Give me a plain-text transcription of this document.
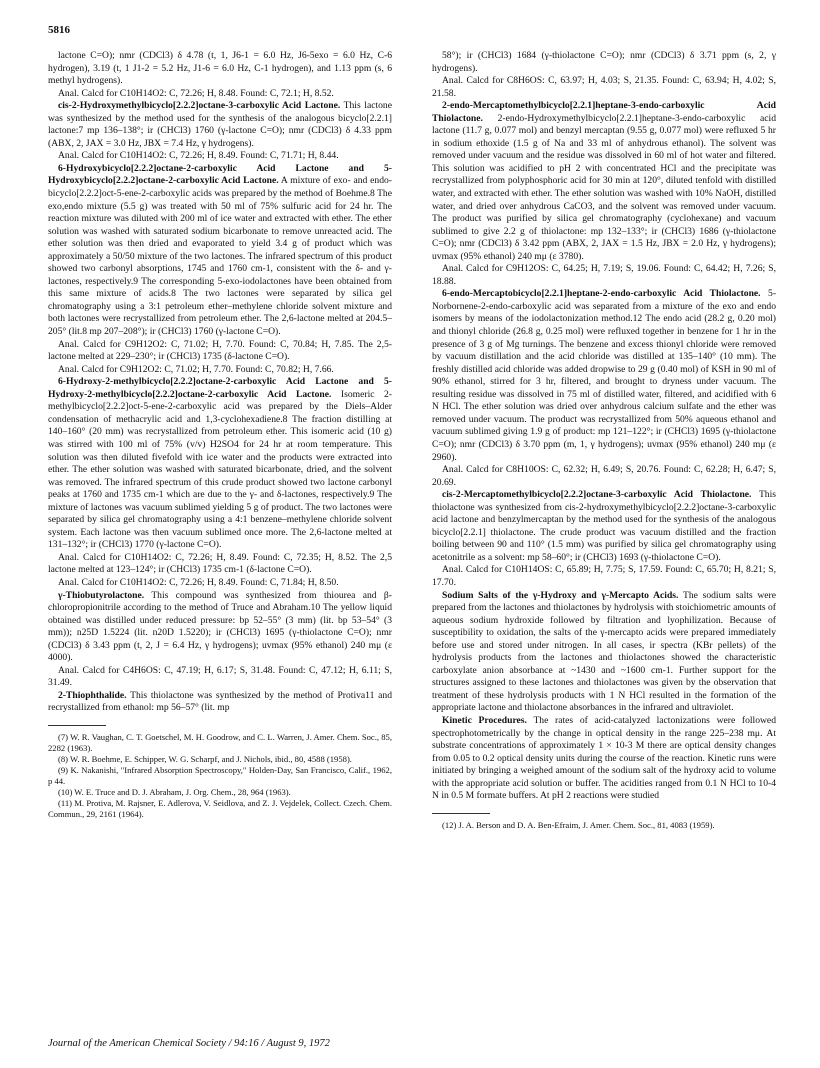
5816

lactone C=O); nmr (CDCl3) δ 4.78 (t, 1, J6-1 = 6.0 Hz, J6-5exo = 6.0 Hz, C-6 hydrogen), 3.19 (t, 1 J1-2 = 5.2 Hz, J1-6 = 6.0 Hz, C-1 hydrogen), and 1.13 ppm (s, 6 methyl hydrogens).

Anal. Calcd for C10H14O2: C, 72.26; H, 8.48. Found: C, 72.1; H, 8.52.

cis-2-Hydroxymethylbicyclo[2.2.2]octane-3-carboxylic Acid Lactone. This lactone was synthesized by the method used for the synthesis of the analogous bicyclo[2.2.1] lactone:7 mp 136–138°; ir (CHCl3) 1760 (γ-lactone C=O); nmr (CDCl3) δ 4.33 ppm (ABX, 2, JAX = 3.0 Hz, JBX = 7.4 Hz, γ hydrogens).

Anal. Calcd for C10H14O2: C, 72.26; H, 8.49. Found: C, 71.71; H, 8.44.

6-Hydroxybicyclo[2.2.2]octane-2-carboxylic Acid Lactone and 5-Hydroxybicyclo[2.2.2]octane-2-carboxylic Acid Lactone. A mixture of exo- and endo-bicyclo[2.2.2]oct-5-ene-2-carboxylic acids was prepared by the method of Boehme.8 The exo,endo mixture (5.5 g) was treated with 50 ml of 75% sulfuric acid for 24 hr. The reaction mixture was diluted with 200 ml of ice water and extracted with ether. The ether solution was washed with saturated sodium bicarbonate to remove unreacted acid. The ether solution was then dried and evaporated to yield 3.4 g of product which was approximately a 50/50 mixture of the two lactones. The infrared spectrum of this product showed two carbonyl absorptions, 1745 and 1760 cm-1, consistent with the δ- and γ-lactones, respectively.9 The corresponding 5-exo-iodolactones have been obtained from this same mixture of acids.8 The two lactones were separated by silica gel chromatography using a 3:1 petroleum ether–methylene chloride solvent mixture and both lactones were recrystallized from petroleum ether. The 2,6-lactone melted at 204.5–205° (lit.8 mp 207–208°); ir (CHCl3) 1760 (γ-lactone C=O).

Anal. Calcd for C9H12O2: C, 71.02; H, 7.70. Found: C, 70.84; H, 7.85. The 2,5-lactone melted at 229–230°; ir (CHCl3) 1735 (δ-lactone C=O).

Anal. Calcd for C9H12O2: C, 71.02; H, 7.70. Found: C, 70.82; H, 7.66.

6-Hydroxy-2-methylbicyclo[2.2.2]octane-2-carboxylic Acid Lactone and 5-Hydroxy-2-methylbicyclo[2.2.2]octane-2-carboxylic Acid Lactone. Isomeric 2-methylbicyclo[2.2.2]oct-5-ene-2-carboxylic acid was prepared by the Diels–Alder condensation of methacrylic acid and 1,3-cyclohexadiene.8 The fraction distilling at 140–160° (20 mm) was recrystallized from petroleum ether. This isomeric acid (10 g) was stirred with 100 ml of 75% (v/v) H2SO4 for 24 hr at room temperature. This solution was then diluted fivefold with ice water and the products were extracted into ether. The ether solution was washed with saturated bicarbonate, dried, and the solvent was removed. The infrared spectrum of this crude product showed two lactone carbonyl peaks at 1760 and 1735 cm-1 which are due to the γ- and δ-lactones, respectively.9 The mixture of lactones was vacuum sublimed yielding 5 g of product. The two lactones were separated by silica gel chromatography using a 4:1 benzene–methylene chloride solvent system. Each lactone was then vacuum sublimed once more. The 2,6-lactone melted at 131–132°; ir (CHCl3) 1770 (γ-lactone C=O).

Anal. Calcd for C10H14O2: C, 72.26; H, 8.49. Found: C, 72.35; H, 8.52. The 2,5 lactone melted at 123–124°; ir (CHCl3) 1735 cm-1 (δ-lactone C=O).

Anal. Calcd for C10H14O2: C, 72.26; H, 8.49. Found: C, 71.84; H, 8.50.

γ-Thiobutyrolactone. This compound was synthesized from thiourea and β-chloropropionitrile according to the method of Truce and Abraham.10 The yellow liquid obtained was distilled under reduced pressure: bp 52–55° (3 mm) (lit. bp 53–54° (3 mm)); n25D 1.5224 (lit. n20D 1.5220); ir (CHCl3) 1695 (γ-thiolactone C=O); nmr (CDCl3) δ 3.43 ppm (t, 2, J = 6.4 Hz, γ hydrogens); uvmax (95% ethanol) 240 mμ (ε 4000).

Anal. Calcd for C4H6OS: C, 47.19; H, 6.17; S, 31.48. Found: C, 47.12; H, 6.11; S, 31.49.

2-Thiophthalide. This thiolactone was synthesized by the method of Protiva11 and recrystallized from ethanol: mp 56–57° (lit. mp

(7) W. R. Vaughan, C. T. Goetschel, M. H. Goodrow, and C. L. Warren, J. Amer. Chem. Soc., 85, 2282 (1963).

(8) W. R. Boehme, E. Schipper, W. G. Scharpf, and J. Nichols, ibid., 80, 4588 (1958).

(9) K. Nakanishi, "Infrared Absorption Spectroscopy," Holden-Day, San Francisco, Calif., 1962, p 44.

(10) W. E. Truce and D. J. Abraham, J. Org. Chem., 28, 964 (1963).

(11) M. Protiva, M. Rajsner, E. Adlerova, V. Seidlova, and Z. J. Vejdelek, Collect. Czech. Chem. Commun., 29, 2161 (1964).

58°); ir (CHCl3) 1684 (γ-thiolactone C=O); nmr (CDCl3) δ 3.71 ppm (s, 2, γ hydrogens).

Anal. Calcd for C8H6OS: C, 63.97; H, 4.03; S, 21.35. Found: C, 63.94; H, 4.02; S, 21.58.

2-endo-Mercaptomethylbicyclo[2.2.1]heptane-3-endo-carboxylic Acid Thiolactone. 2-endo-Hydroxymethylbicyclo[2.2.1]heptane-3-endo-carboxylic acid lactone (11.7 g, 0.077 mol) and benzyl mercaptan (9.55 g, 0.077 mol) were refluxed 5 hr in sodium ethoxide (1.5 g of Na and 33 ml of anhydrous ethanol). The solvent was removed under vacuum and the residue was dissolved in 60 ml of hot water and filtered. This solution was acidified to pH 2 with concentrated HCl and the precipitate was recrystallized from polyphosphoric acid for 30 min at 120°, diluted tenfold with distilled water, and extracted with ether. The ether solution was washed with 10% NaOH, distilled water, and dried over anhydrous CaCO3, and the solvent was removed under vacuum. The product was purified by silica gel chromatography (cyclohexane) and vacuum sublimed to give 2.2 g of thiolactone: mp 132–133°; ir (CHCl3) 1686 (γ-thiolactone C=O); nmr (CDCl3) δ 3.42 ppm (ABX, 2, JAX = 1.5 Hz, JBX = 2.0 Hz, γ hydrogens); uvmax (95% ethanol) 240 mμ (ε 3780).

Anal. Calcd for C9H12OS: C, 64.25; H, 7.19; S, 19.06. Found: C, 64.42; H, 7.26; S, 18.88.

6-endo-Mercaptobicyclo[2.2.1]heptane-2-endo-carboxylic Acid Thiolactone. 5-Norbornene-2-endo-carboxylic acid was separated from a mixture of the exo and endo isomers by means of the iodolactonization method.12 The endo acid (28.2 g, 0.20 mol) and thionyl chloride (26.8 g, 0.25 mol) were refluxed together in benzene for 1 hr in the presence of 3 g of Mg turnings. The benzene and excess thionyl chloride were removed by vacuum distillation and the acid chloride was distilled at 135–140° (10 mm). The freshly distilled acid chloride was added dropwise to 29 g (0.40 mol) of KSH in 90 ml of 90% ethanol, stirred for 3 hr, filtered, and brought to dryness under vacuum. The resulting residue was dissolved in 75 ml of distilled water, filtered, and acidified with 6 N HCl. The ether solution was dried over anhydrous calcium sulfate and the ether was removed under vacuum. The product was recrystallized from 50% aqueous ethanol and vacuum sublimed giving 1.9 g of product: mp 121–122°; ir (CHCl3) 1695 (γ-thiolactone C=O); nmr (CDCl3) δ 3.70 ppm (m, 1, γ hydrogens); uvmax (95% ethanol) 240 mμ (ε 2960).

Anal. Calcd for C8H10OS: C, 62.32; H, 6.49; S, 20.76. Found: C, 62.28; H, 6.47; S, 20.69.

cis-2-Mercaptomethylbicyclo[2.2.2]octane-3-carboxylic Acid Thiolactone. This thiolactone was synthesized from cis-2-hydroxymethylbicyclo[2.2.2]octane-3-carboxylic acid lactone and benzylmercaptan by the method used for the synthesis of the analogous bicyclo[2.2.1] thiolactone. The crude product was vacuum distilled and the fraction boiling between 90 and 110° (1.5 mm) was purified by silica gel chromatography using acetonitrile as a solvent: mp 58–60°; ir (CHCl3) 1693 (γ-thiolactone C=O).

Anal. Calcd for C10H14OS: C, 65.89; H, 7.75; S, 17.59. Found: C, 65.70; H, 8.21; S, 17.70.

Sodium Salts of the γ-Hydroxy and γ-Mercapto Acids. The sodium salts were prepared from the lactones and thiolactones by hydrolysis with stoichiometric amounts of aqueous sodium hydroxide followed by filtration and lyophilization. Because of susceptibility to oxidation, the salts of the γ-mercapto acids were prepared immediately before use and stored under nitrogen. In all cases, ir spectra (KBr pellets) of the hydrolysis products from the lactones and thiolactones showed the characteristic carboxylate anion absorbance at ~1430 and ~1600 cm-1. Further support for the structures assigned to these lactones and thiolactones was given by the observation that treatment of these hydrolysis products with 1 N HCl resulted in the formation of the appropriate lactone and thiolactone absorbances in the infrared and ultraviolet.

Kinetic Procedures. The rates of acid-catalyzed lactonizations were followed spectrophotometrically by the change in optical density in the range 225–238 mμ. At substrate concentrations of approximately 1 × 10-3 M there are optical density changes from 0.05 to 0.2 optical density units during the course of the reaction. Kinetic runs were initiated by bringing a weighed amount of the sodium salt of the hydroxy acid to volume with the appropriate acid solution or buffer. The acidities ranged from 0.1 N HCl to 10-4 N in 0.5 M formate buffers. At pH 2 reactions were studied

(12) J. A. Berson and D. A. Ben-Efraim, J. Amer. Chem. Soc., 81, 4083 (1959).

Journal of the American Chemical Society / 94:16 / August 9, 1972
